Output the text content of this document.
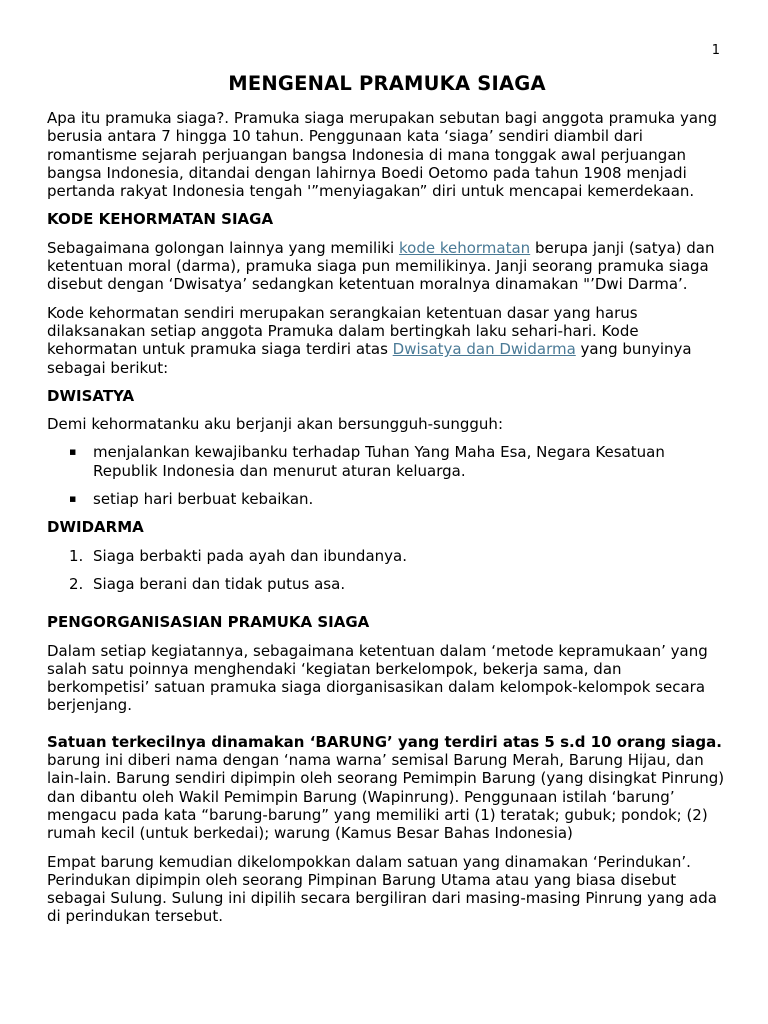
1
MENGENAL PRAMUKA SIAGA

Apa itu pramuka siaga?. Pramuka siaga merupakan sebutan bagi anggota pramuka yang berusia antara 7 hingga 10 tahun. Penggunaan kata ‘siaga’ sendiri diambil dari romantisme sejarah perjuangan bangsa Indonesia di mana tonggak awal perjuangan bangsa Indonesia, ditandai dengan lahirnya Boedi Oetomo pada tahun 1908 menjadi pertanda rakyat Indonesia tengah '”menyiagakan” diri untuk mencapai kemerdekaan.

KODE KEHORMATAN SIAGA

Sebagaimana golongan lainnya yang memiliki kode kehormatan berupa janji (satya) dan ketentuan moral (darma), pramuka siaga pun memilikinya. Janji seorang pramuka siaga disebut dengan ‘Dwisatya’ sedangkan ketentuan moralnya dinamakan "’Dwi Darma’.

Kode kehormatan sendiri merupakan serangkaian ketentuan dasar yang harus dilaksanakan setiap anggota Pramuka dalam bertingkah laku sehari-hari. Kode kehormatan untuk pramuka siaga terdiri atas Dwisatya dan Dwidarma yang bunyinya sebagai berikut:

DWISATYA

Demi kehormatanku aku berjanji akan bersungguh-sungguh:

▪ menjalankan kewajibanku terhadap Tuhan Yang Maha Esa, Negara Kesatuan Republik Indonesia dan menurut aturan keluarga.
▪ setiap hari berbuat kebaikan.
DWIDARMA
1. Siaga berbakti pada ayah dan ibundanya.
2. Siaga berani dan tidak putus asa.
PENGORGANISASIAN PRAMUKA SIAGA

Dalam setiap kegiatannya, sebagaimana ketentuan dalam ‘metode kepramukaan’ yang salah satu poinnya menghendaki ‘kegiatan berkelompok, bekerja sama, dan berkompetisi’ satuan pramuka siaga diorganisasikan dalam kelompok-kelompok secara berjenjang.

Satuan terkecilnya dinamakan ‘BARUNG’ yang terdiri atas 5 s.d 10 orang siaga. barung ini diberi nama dengan ‘nama warna’ semisal Barung Merah, Barung Hijau, dan lain-lain. Barung sendiri dipimpin oleh seorang Pemimpin Barung (yang disingkat Pinrung) dan dibantu oleh Wakil Pemimpin Barung (Wapinrung). Penggunaan istilah ‘barung’ mengacu pada kata “barung-barung” yang memiliki arti (1) teratak; gubuk; pondok; (2) rumah kecil (untuk berkedai); warung (Kamus Besar Bahas Indonesia)

Empat barung kemudian dikelompokkan dalam satuan yang dinamakan ‘Perindukan’. Perindukan dipimpin oleh seorang Pimpinan Barung Utama atau yang biasa disebut sebagai Sulung. Sulung ini dipilih secara bergiliran dari masing-masing Pinrung yang ada di perindukan tersebut.
